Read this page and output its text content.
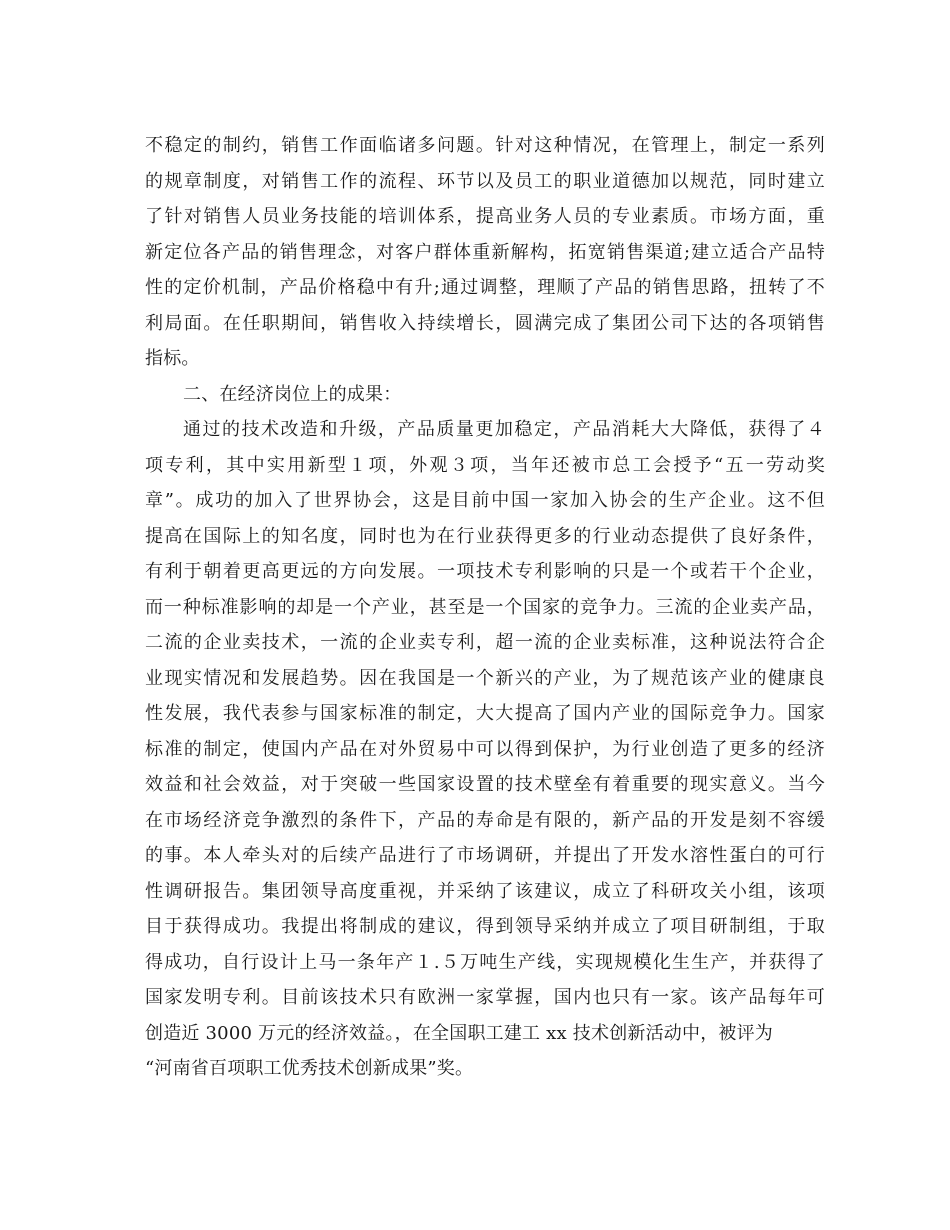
不稳定的制约，销售工作面临诸多问题。针对这种情况，在管理上，制定一系列
的规章制度，对销售工作的流程、环节以及员工的职业道德加以规范，同时建立
了针对销售人员业务技能的培训体系，提高业务人员的专业素质。市场方面，重
新定位各产品的销售理念，对客户群体重新解构，拓宽销售渠道;建立适合产品特
性的定价机制，产品价格稳中有升;通过调整，理顺了产品的销售思路，扭转了不
利局面。在任职期间，销售收入持续增长，圆满完成了集团公司下达的各项销售
指标。
二、在经济岗位上的成果：
通过的技术改造和升级，产品质量更加稳定，产品消耗大大降低，获得了４
项专利，其中实用新型１项，外观３项，当年还被市总工会授予“五一劳动奖
章”。成功的加入了世界协会，这是目前中国一家加入协会的生产企业。这不但
提高在国际上的知名度，同时也为在行业获得更多的行业动态提供了良好条件，
有利于朝着更高更远的方向发展。一项技术专利影响的只是一个或若干个企业，
而一种标准影响的却是一个产业，甚至是一个国家的竞争力。三流的企业卖产品，
二流的企业卖技术，一流的企业卖专利，超一流的企业卖标准，这种说法符合企
业现实情况和发展趋势。因在我国是一个新兴的产业，为了规范该产业的健康良
性发展，我代表参与国家标准的制定，大大提高了国内产业的国际竞争力。国家
标准的制定，使国内产品在对外贸易中可以得到保护，为行业创造了更多的经济
效益和社会效益，对于突破一些国家设置的技术壁垒有着重要的现实意义。当今
在市场经济竞争激烈的条件下，产品的寿命是有限的，新产品的开发是刻不容缓
的事。本人牵头对的后续产品进行了市场调研，并提出了开发水溶性蛋白的可行
性调研报告。集团领导高度重视，并采纳了该建议，成立了科研攻关小组，该项
目于获得成功。我提出将制成的建议，得到领导采纳并成立了项目研制组，于取
得成功，自行设计上马一条年产１.５万吨生产线，实现规模化生生产，并获得了
国家发明专利。目前该技术只有欧洲一家掌握，国内也只有一家。该产品每年可
创造近 3000 万元的经济效益。，在全国职工建工 xx 技术创新活动中，被评为
“河南省百项职工优秀技术创新成果”奖。
